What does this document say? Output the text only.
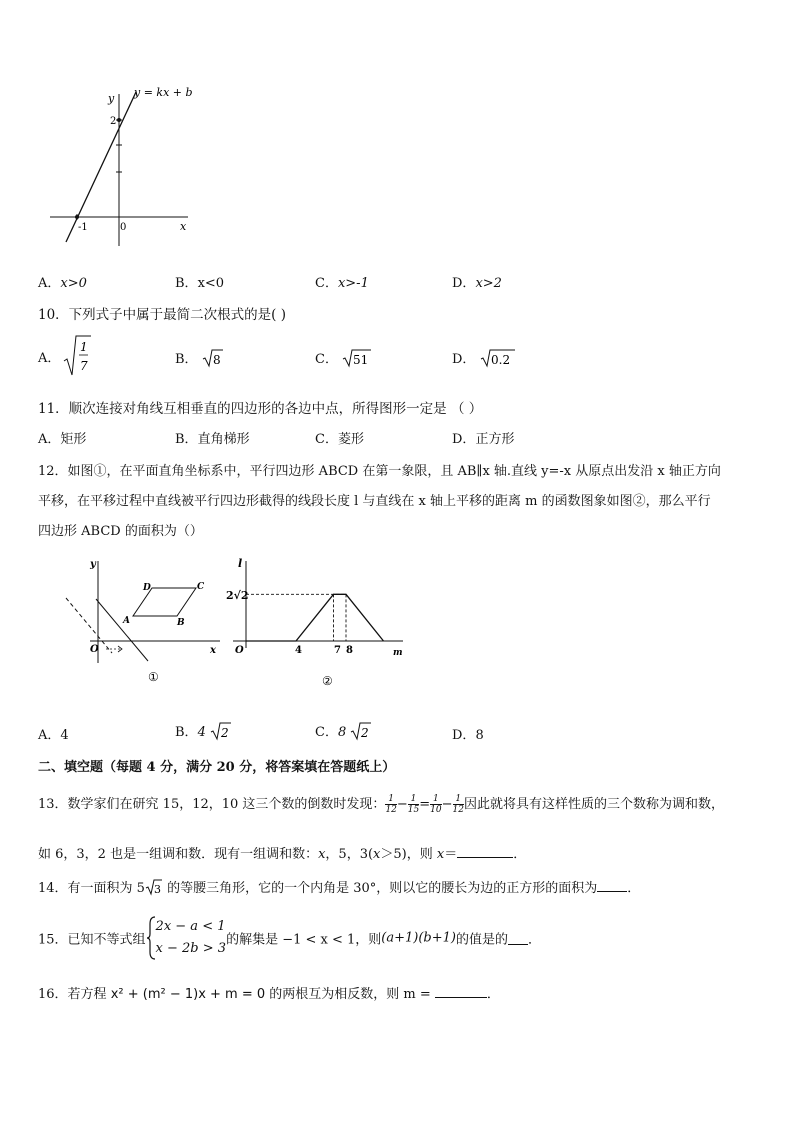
y = kx + b
y
x
2
-1	0
A．x>0	B．x<0	C．x>-1	D．x>2
10．下列式子中属于最简二次根式的是( )
A．
1
7	B． 8	C． 51	D． 0.2
11．顺次连接对角线互相垂直的四边形的各边中点，所得图形一定是 （ ）
A．矩形	B．直角梯形	C．菱形	D．正方形
12．如图①，在平面直角坐标系中，平行四边形 ABCD 在第一象限，且 AB∥x 轴.直线 y=-x 从原点出发沿 x 轴正方向
平移，在平移过程中直线被平行四边形截得的线段长度 l 与直线在 x 轴上平移的距离 m 的函数图象如图②，那么平行
四边形 ABCD 的面积为（）
y
x
O
A	B
C
D
①
l
m
O
2√2
4	7 8
②
A．4	B．4 2	C．8 2	D．8
二、填空题（每题 4 分，满分 20 分，将答案填在答题纸上）
13．数学家们在研究 15，12，10 这三个数的倒数时发现： $\frac{1}{12} - \frac{1}{15} = \frac{1}{10} - \frac{1}{12}$ 因此就将具有这样性质的三个数称为调和数，
如 6，3，2 也是一组调和数．现有一组调和数：x，5，3(x＞5)，则 x＝	．
14．有一面积为 5 3 的等腰三角形，它的一个内角是 30°，则以它的腰长为边的正方形的面积为 ．
15．已知不等式组
2x − a < 1
x − 2b > 3
的解集是 −1 < x < 1，则(a+1)(b+1)的值是的 ．
16．若方程 x² + (m² − 1)x + m = 0 的两根互为相反数，则 m =	．
